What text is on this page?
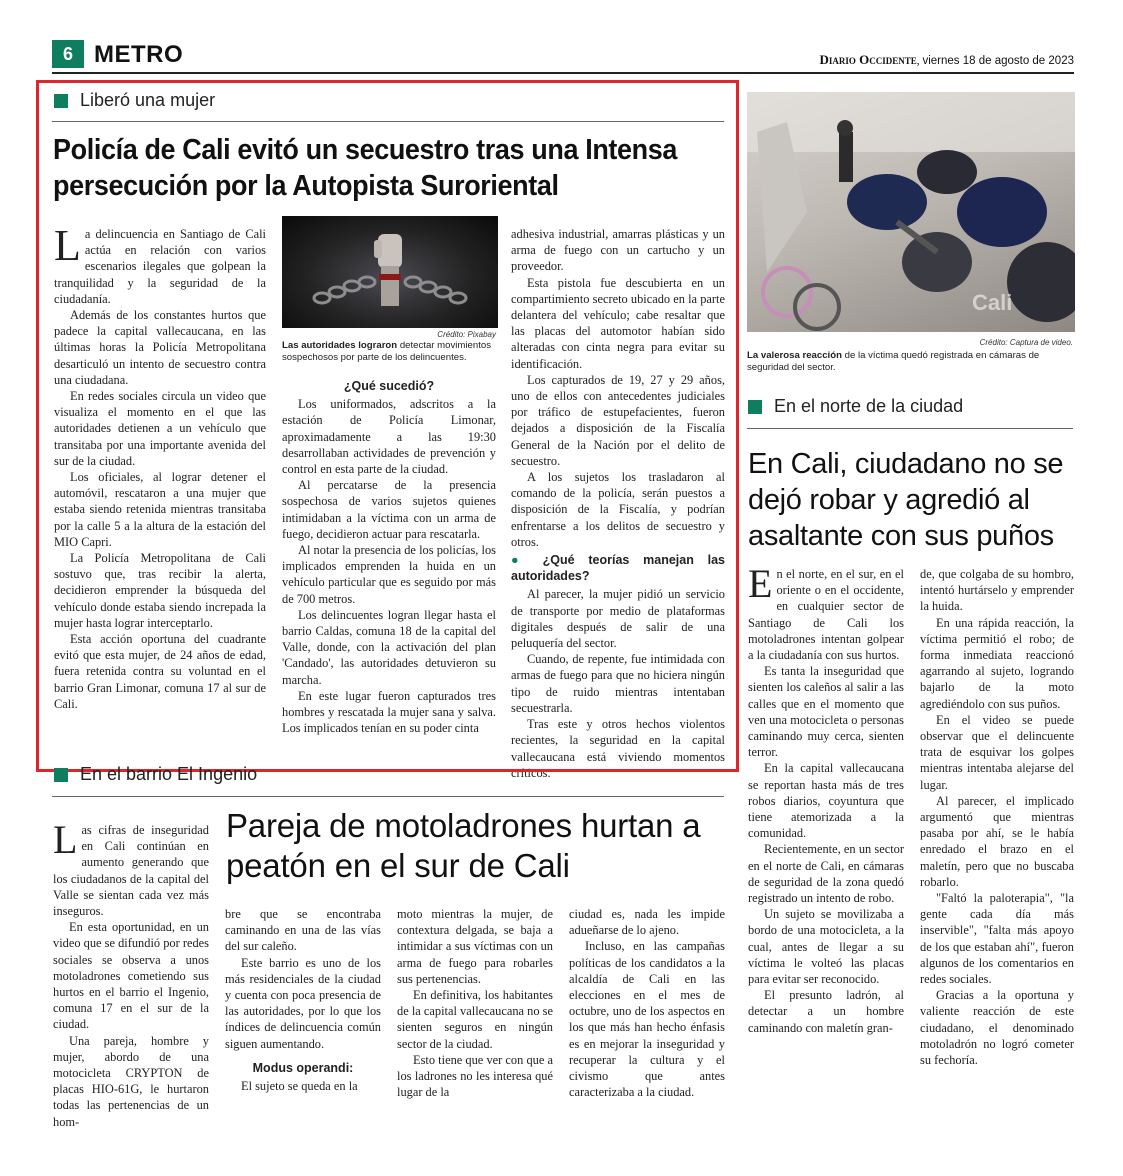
6 METRO	Diario Occidente, viernes 18 de agosto de 2023
Liberó una mujer
Policía de Cali evitó un secuestro tras una Intensa persecución por la Autopista Suroriental

La delincuencia en Santiago de Cali actúa en relación con varios escenarios ilegales que golpean la tranquilidad y la seguridad de la ciudadanía.

Además de los constantes hurtos que padece la capital vallecaucana, en las últimas horas la Policía Metropolitana desarticuló un intento de secuestro contra una ciudadana.

En redes sociales circula un video que visualiza el momento en el que las autoridades detienen a un vehículo que transitaba por una importante avenida del sur de la ciudad.

Los oficiales, al lograr detener el automóvil, rescataron a una mujer que estaba siendo retenida mientras transitaba por la calle 5 a la altura de la estación del MIO Capri.

La Policía Metropolitana de Cali sostuvo que, tras recibir la alerta, decidieron emprender la búsqueda del vehículo donde estaba siendo increpada la mujer hasta lograr interceptarlo.

Esta acción oportuna del cuadrante evitó que esta mujer, de 24 años de edad, fuera retenida contra su voluntad en el barrio Gran Limonar, comuna 17 al sur de Cali.

Crédito: Pixabay
Las autoridades lograron detectar movimientos sospechosos por parte de los delincuentes.
¿Qué sucedió?

Los uniformados, adscritos a la estación de Policía Limonar, aproximadamente a las 19:30 desarrollaban actividades de prevención y control en esta parte de la ciudad.

Al percatarse de la presencia sospechosa de varios sujetos quienes intimidaban a la víctima con un arma de fuego, decidieron actuar para rescatarla.

Al notar la presencia de los policías, los implicados emprenden la huida en un vehículo particular que es seguido por más de 700 metros.

Los delincuentes logran llegar hasta el barrio Caldas, comuna 18 de la capital del Valle, donde, con la activación del plan 'Candado', las autoridades detuvieron su marcha.

En este lugar fueron capturados tres hombres y rescatada la mujer sana y salva. Los implicados tenían en su poder cinta

adhesiva industrial, amarras plásticas y un arma de fuego con un cartucho y un proveedor.

Esta pistola fue descubierta en un compartimiento secreto ubicado en la parte delantera del vehículo; cabe resaltar que las placas del automotor habían sido alteradas con cinta negra para evitar su identificación.

Los capturados de 19, 27 y 29 años, uno de ellos con antecedentes judiciales por tráfico de estupefacientes, fueron dejados a disposición de la Fiscalía General de la Nación por el delito de secuestro.

A los sujetos los trasladaron al comando de la policía, serán puestos a disposición de la Fiscalía, y podrían enfrentarse a los delitos de secuestro y otros.

● ¿Qué teorías manejan las autoridades?

Al parecer, la mujer pidió un servicio de transporte por medio de plataformas digitales después de salir de una peluquería del sector.

Cuando, de repente, fue intimidada con armas de fuego para que no hiciera ningún tipo de ruido mientras intentaban secuestrarla.

Tras este y otros hechos violentos recientes, la seguridad en la capital vallecaucana está viviendo momentos críticos.

Cali
Crédito: Captura de video.
La valerosa reacción de la víctima quedó registrada en cámaras de seguridad del sector.
En el norte de la ciudad
En Cali, ciudadano no se dejó robar y agredió al asaltante con sus puños

En el norte, en el sur, en el oriente o en el occidente, en cualquier sector de Santiago de Cali los motoladrones intentan golpear a la ciudadanía con sus hurtos.

Es tanta la inseguridad que sienten los caleños al salir a las calles que en el momento que ven una motocicleta o personas caminando muy cerca, sienten terror.

En la capital vallecaucana se reportan hasta más de tres robos diarios, coyuntura que tiene atemorizada a la comunidad.

Recientemente, en un sector en el norte de Cali, en cámaras de seguridad de la zona quedó registrado un intento de robo.

Un sujeto se movilizaba a bordo de una motocicleta, a la cual, antes de llegar a su víctima le volteó las placas para evitar ser reconocido.

El presunto ladrón, al detectar a un hombre caminando con maletín gran-

de, que colgaba de su hombro, intentó hurtárselo y emprender la huida.

En una rápida reacción, la víctima permitió el robo; de forma inmediata reaccionó agarrando al sujeto, logrando bajarlo de la moto agrediéndolo con sus puños.

En el video se puede observar que el delincuente trata de esquivar los golpes mientras intentaba alejarse del lugar.

Al parecer, el implicado argumentó que mientras pasaba por ahí, se le había enredado el brazo en el maletín, pero que no buscaba robarlo.

"Faltó la paloterapia", "la gente cada día más inservible", "falta más apoyo de los que estaban ahí", fueron algunos de los comentarios en redes sociales.

Gracias a la oportuna y valiente reacción de este ciudadano, el denominado motoladrón no logró cometer su fechoría.

En el barrio El Ingenio
Pareja de motoladrones hurtan a peatón en el sur de Cali

Las cifras de inseguridad en Cali continúan en aumento generando que los ciudadanos de la capital del Valle se sientan cada vez más inseguros.

En esta oportunidad, en un video que se difundió por redes sociales se observa a unos motoladrones cometiendo sus hurtos en el barrio el Ingenio, comuna 17 en el sur de la ciudad.

Una pareja, hombre y mujer, abordo de una motocicleta CRYPTON de placas HIO-61G, le hurtaron todas las pertenencias de un hom-

bre que se encontraba caminando en una de las vías del sur caleño.

Este barrio es uno de los más residenciales de la ciudad y cuenta con poca presencia de las autoridades, por lo que los índices de delincuencia común siguen aumentando.

Modus operandi:

El sujeto se queda en la

moto mientras la mujer, de contextura delgada, se baja a intimidar a sus víctimas con un arma de fuego para robarles sus pertenencias.

En definitiva, los habitantes de la capital vallecaucana no se sienten seguros en ningún sector de la ciudad.

Esto tiene que ver con que a los ladrones no les interesa qué lugar de la

ciudad es, nada les impide adueñarse de lo ajeno.

Incluso, en las campañas políticas de los candidatos a la alcaldía de Cali en las elecciones en el mes de octubre, uno de los aspectos en los que más han hecho énfasis es en mejorar la inseguridad y recuperar la cultura y el civismo que antes caracterizaba a la ciudad.
